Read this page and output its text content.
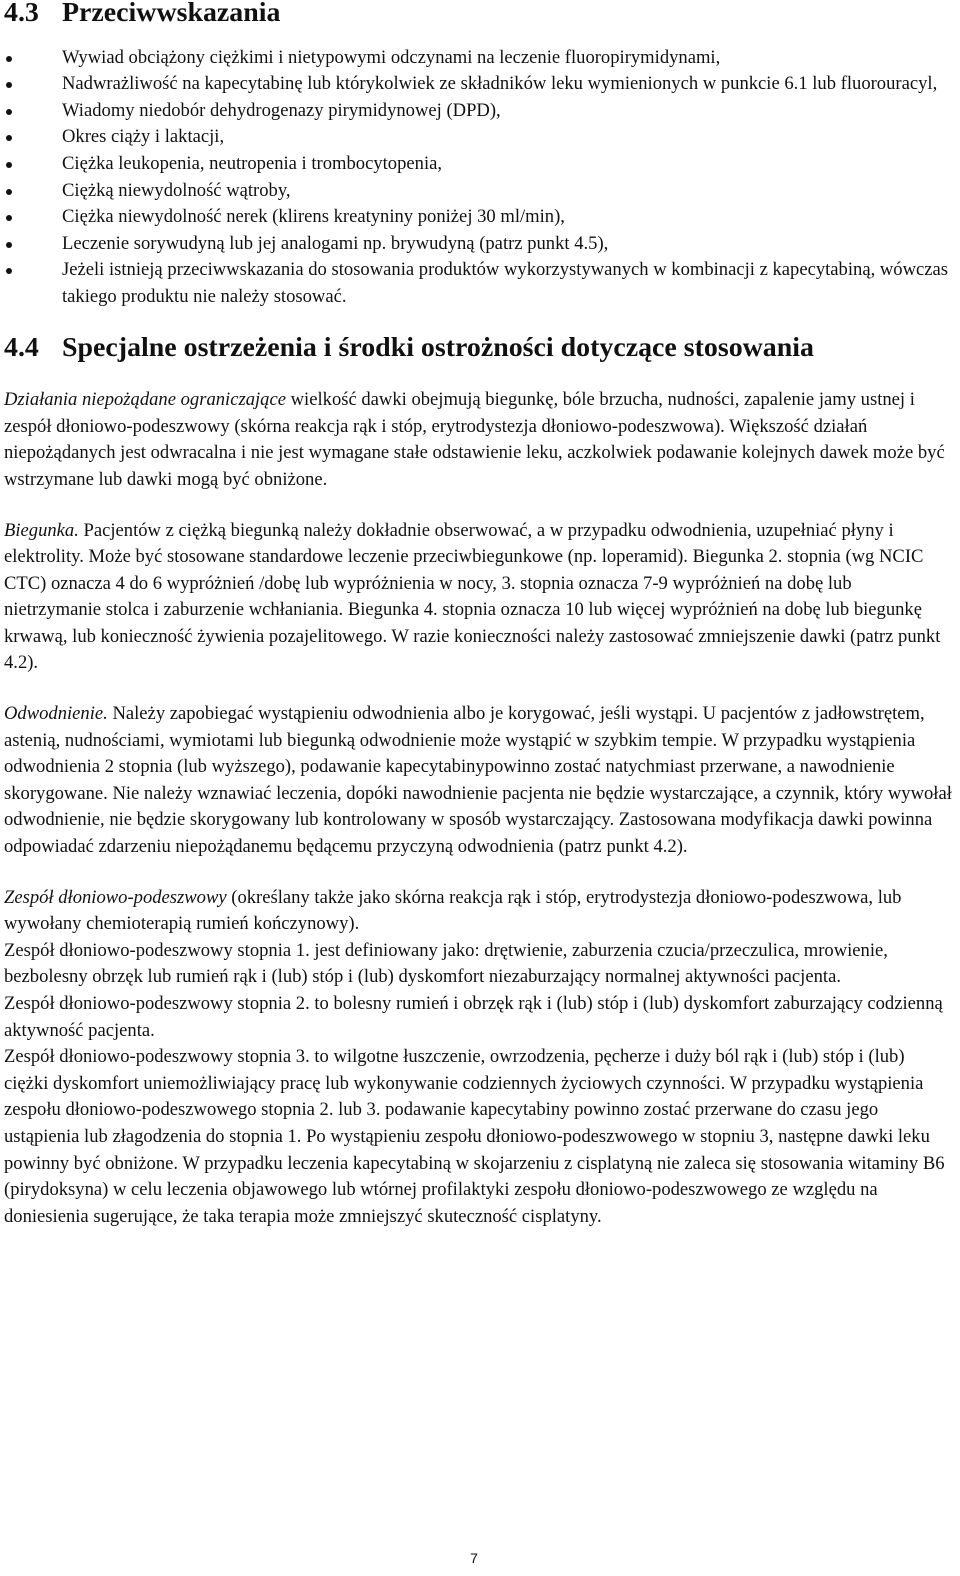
4.3 Przeciwwskazania
Wywiad obciążony ciężkimi i nietypowymi odczynami na leczenie fluoropirymidynami,
Nadwrażliwość na kapecytabinę lub którykolwiek ze składników leku wymienionych w punkcie 6.1 lub fluorouracyl,
Wiadomy niedobór dehydrogenazy pirymidynowej (DPD),
Okres ciąży i laktacji,
Ciężka leukopenia, neutropenia i trombocytopenia,
Ciężką niewydolność wątroby,
Ciężka niewydolność nerek (klirens kreatyniny poniżej 30 ml/min),
Leczenie sorywudyną lub jej analogami np. brywudyną (patrz punkt 4.5),
Jeżeli istnieją przeciwwskazania do stosowania produktów wykorzystywanych w kombinacji z kapecytabiną, wówczas takiego produktu nie należy stosować.
4.4 Specjalne ostrzeżenia i środki ostrożności dotyczące stosowania

Działania niepożądane ograniczające wielkość dawki obejmują biegunkę, bóle brzucha, nudności, zapalenie jamy ustnej i zespół dłoniowo-podeszwowy (skórna reakcja rąk i stóp, erytrodystezja dłoniowo-podeszwowa). Większość działań niepożądanych jest odwracalna i nie jest wymagane stałe odstawienie leku, aczkolwiek podawanie kolejnych dawek może być wstrzymane lub dawki mogą być obniżone.

Biegunka. Pacjentów z ciężką biegunką należy dokładnie obserwować, a w przypadku odwodnienia, uzupełniać płyny i elektrolity. Może być stosowane standardowe leczenie przeciwbiegunkowe (np. loperamid). Biegunka 2. stopnia (wg NCIC CTC) oznacza 4 do 6 wypróżnień /dobę lub wypróżnienia w nocy, 3. stopnia oznacza 7-9 wypróżnień na dobę lub nietrzymanie stolca i zaburzenie wchłaniania. Biegunka 4. stopnia oznacza 10 lub więcej wypróżnień na dobę lub biegunkę krwawą, lub konieczność żywienia pozajelitowego. W razie konieczności należy zastosować zmniejszenie dawki (patrz punkt 4.2).

Odwodnienie. Należy zapobiegać wystąpieniu odwodnienia albo je korygować, jeśli wystąpi. U pacjentów z jadłowstrętem, astenią, nudnościami, wymiotami lub biegunką odwodnienie może wystąpić w szybkim tempie. W przypadku wystąpienia odwodnienia 2 stopnia (lub wyższego), podawanie kapecytabinypowinno zostać natychmiast przerwane, a nawodnienie skorygowane. Nie należy wznawiać leczenia, dopóki nawodnienie pacjenta nie będzie wystarczające, a czynnik, który wywołał odwodnienie, nie będzie skorygowany lub kontrolowany w sposób wystarczający. Zastosowana modyfikacja dawki powinna odpowiadać zdarzeniu niepożądanemu będącemu przyczyną odwodnienia (patrz punkt 4.2).

Zespół dłoniowo-podeszwowy (określany także jako skórna reakcja rąk i stóp, erytrodystezja dłoniowo-podeszwowa, lub wywołany chemioterapią rumień kończynowy).

Zespół dłoniowo-podeszwowy stopnia 1. jest definiowany jako: drętwienie, zaburzenia czucia/przeczulica, mrowienie, bezbolesny obrzęk lub rumień rąk i (lub) stóp i (lub) dyskomfort niezaburzający normalnej aktywności pacjenta.

Zespół dłoniowo-podeszwowy stopnia 2. to bolesny rumień i obrzęk rąk i (lub) stóp i (lub) dyskomfort zaburzający codzienną aktywność pacjenta.

Zespół dłoniowo-podeszwowy stopnia 3. to wilgotne łuszczenie, owrzodzenia, pęcherze i duży ból rąk i (lub) stóp i (lub) ciężki dyskomfort uniemożliwiający pracę lub wykonywanie codziennych życiowych czynności. W przypadku wystąpienia zespołu dłoniowo-podeszwowego stopnia 2. lub 3. podawanie kapecytabiny powinno zostać przerwane do czasu jego ustąpienia lub złagodzenia do stopnia 1. Po wystąpieniu zespołu dłoniowo-podeszwowego w stopniu 3, następne dawki leku powinny być obniżone. W przypadku leczenia kapecytabiną w skojarzeniu z cisplatyną nie zaleca się stosowania witaminy B6 (pirydoksyna) w celu leczenia objawowego lub wtórnej profilaktyki zespołu dłoniowo-podeszwowego ze względu na doniesienia sugerujące, że taka terapia może zmniejszyć skuteczność cisplatyny.

7
